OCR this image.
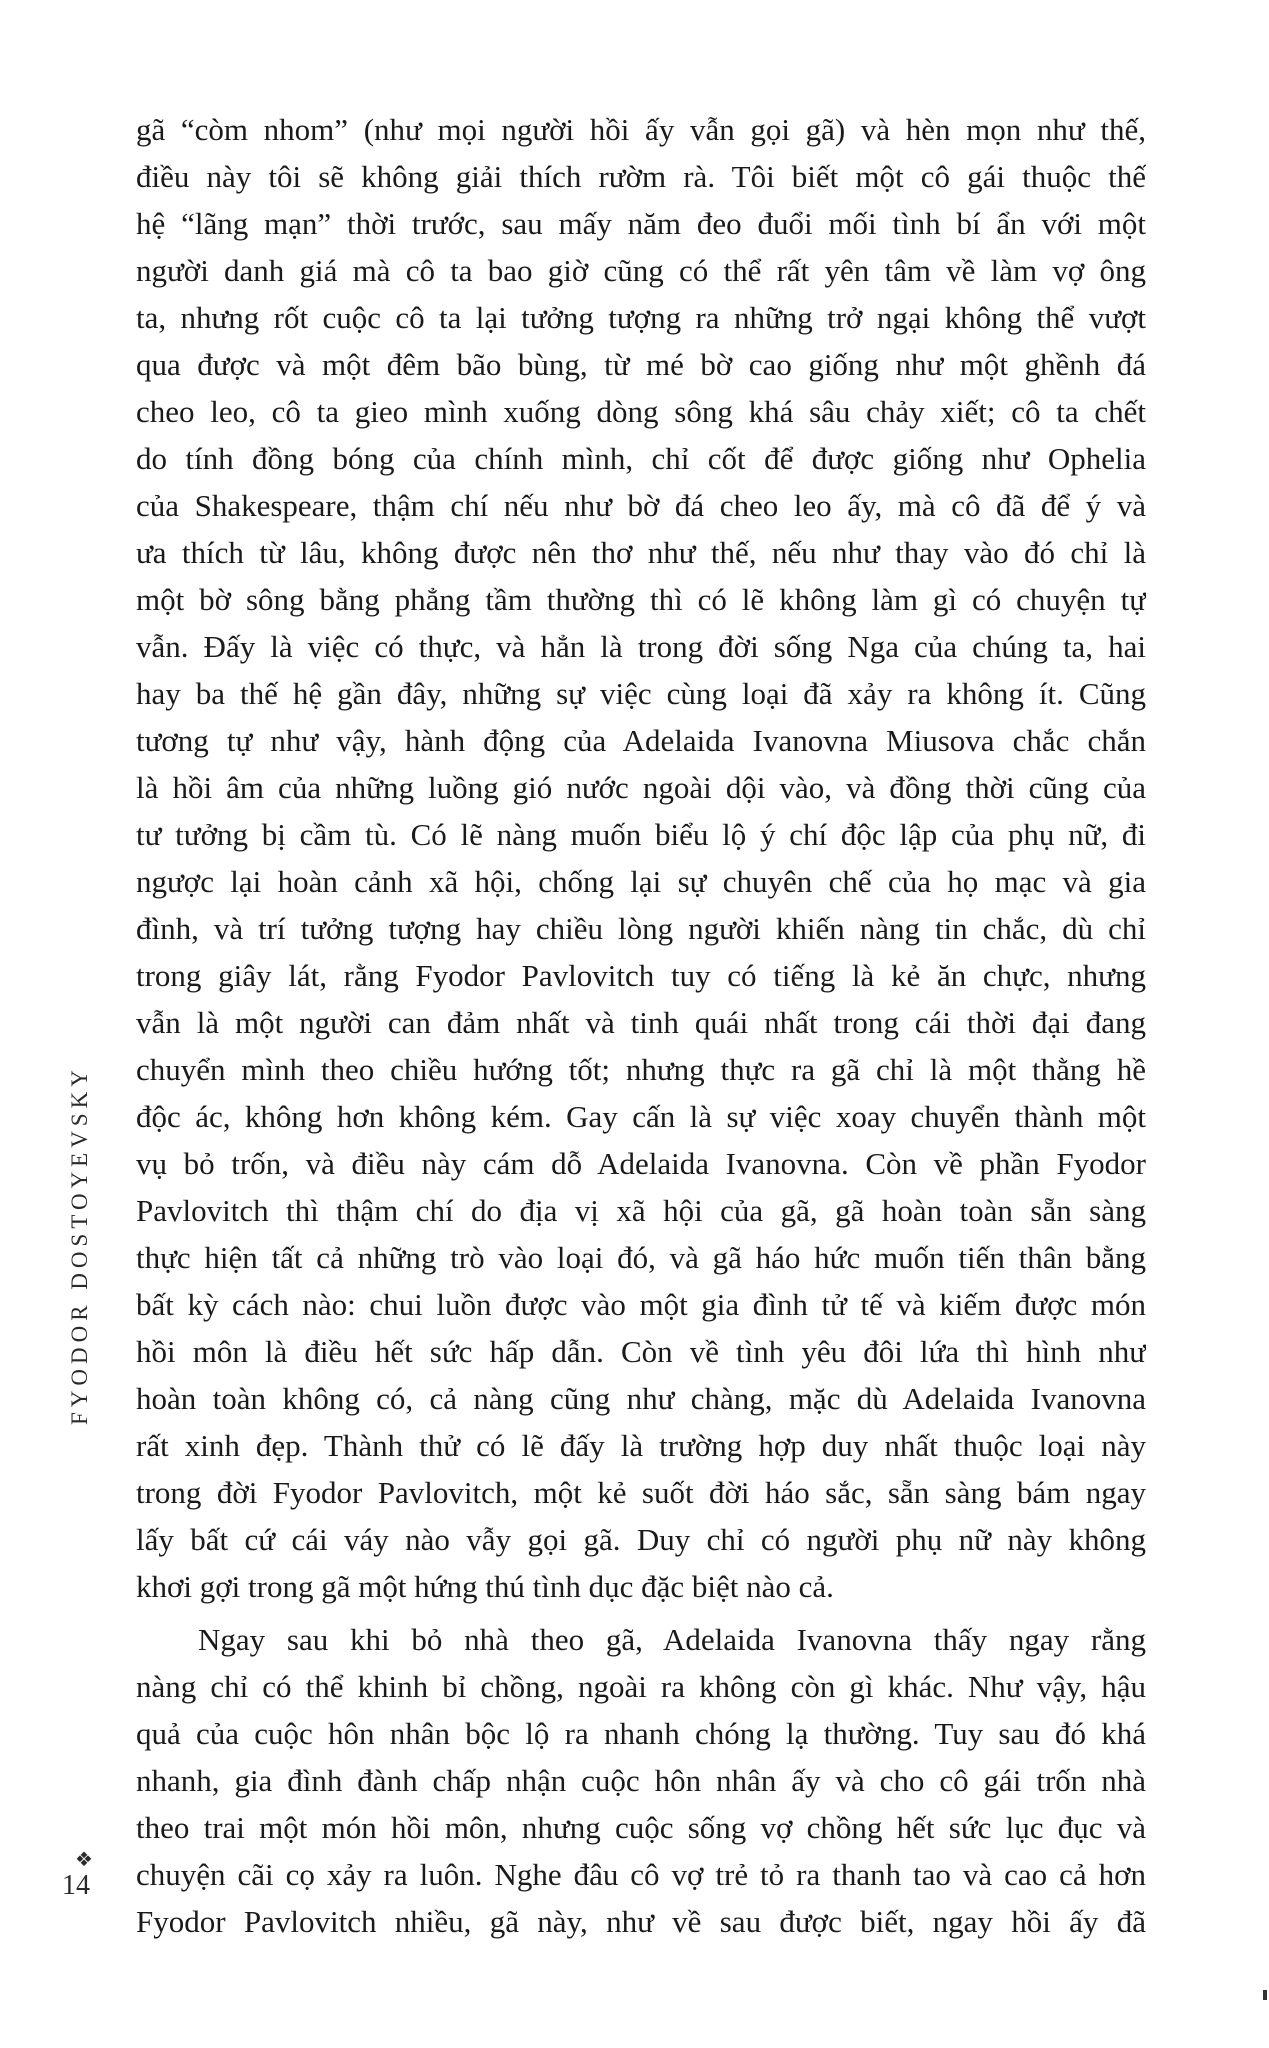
gã “còm nhom” (như mọi người hồi ấy vẫn gọi gã) và hèn mọn như thế,
điều này tôi sẽ không giải thích rườm rà. Tôi biết một cô gái thuộc thế
hệ “lãng mạn” thời trước, sau mấy năm đeo đuổi mối tình bí ẩn với một
người danh giá mà cô ta bao giờ cũng có thể rất yên tâm về làm vợ ông
ta, nhưng rốt cuộc cô ta lại tưởng tượng ra những trở ngại không thể vượt
qua được và một đêm bão bùng, từ mé bờ cao giống như một ghềnh đá
cheo leo, cô ta gieo mình xuống dòng sông khá sâu chảy xiết; cô ta chết
do tính đồng bóng của chính mình, chỉ cốt để được giống như Ophelia
của Shakespeare, thậm chí nếu như bờ đá cheo leo ấy, mà cô đã để ý và
ưa thích từ lâu, không được nên thơ như thế, nếu như thay vào đó chỉ là
một bờ sông bằng phẳng tầm thường thì có lẽ không làm gì có chuyện tự
vẫn. Đấy là việc có thực, và hẳn là trong đời sống Nga của chúng ta, hai
hay ba thế hệ gần đây, những sự việc cùng loại đã xảy ra không ít. Cũng
tương tự như vậy, hành động của Adelaida Ivanovna Miusova chắc chắn
là hồi âm của những luồng gió nước ngoài dội vào, và đồng thời cũng của
tư tưởng bị cầm tù. Có lẽ nàng muốn biểu lộ ý chí độc lập của phụ nữ, đi
ngược lại hoàn cảnh xã hội, chống lại sự chuyên chế của họ mạc và gia
đình, và trí tưởng tượng hay chiều lòng người khiến nàng tin chắc, dù chỉ
trong giây lát, rằng Fyodor Pavlovitch tuy có tiếng là kẻ ăn chực, nhưng
vẫn là một người can đảm nhất và tinh quái nhất trong cái thời đại đang
chuyển mình theo chiều hướng tốt; nhưng thực ra gã chỉ là một thằng hề
độc ác, không hơn không kém. Gay cấn là sự việc xoay chuyển thành một
vụ bỏ trốn, và điều này cám dỗ Adelaida Ivanovna. Còn về phần Fyodor
Pavlovitch thì thậm chí do địa vị xã hội của gã, gã hoàn toàn sẵn sàng
thực hiện tất cả những trò vào loại đó, và gã háo hức muốn tiến thân bằng
bất kỳ cách nào: chui luồn được vào một gia đình tử tế và kiếm được món
hồi môn là điều hết sức hấp dẫn. Còn về tình yêu đôi lứa thì hình như
hoàn toàn không có, cả nàng cũng như chàng, mặc dù Adelaida Ivanovna
rất xinh đẹp. Thành thử có lẽ đấy là trường hợp duy nhất thuộc loại này
trong đời Fyodor Pavlovitch, một kẻ suốt đời háo sắc, sẵn sàng bám ngay
lấy bất cứ cái váy nào vẫy gọi gã. Duy chỉ có người phụ nữ này không
khơi gợi trong gã một hứng thú tình dục đặc biệt nào cả.
Ngay sau khi bỏ nhà theo gã, Adelaida Ivanovna thấy ngay rằng
nàng chỉ có thể khinh bỉ chồng, ngoài ra không còn gì khác. Như vậy, hậu
quả của cuộc hôn nhân bộc lộ ra nhanh chóng lạ thường. Tuy sau đó khá
nhanh, gia đình đành chấp nhận cuộc hôn nhân ấy và cho cô gái trốn nhà
theo trai một món hồi môn, nhưng cuộc sống vợ chồng hết sức lục đục và
chuyện cãi cọ xảy ra luôn. Nghe đâu cô vợ trẻ tỏ ra thanh tao và cao cả hơn
Fyodor Pavlovitch nhiều, gã này, như về sau được biết, ngay hồi ấy đã
FYODOR DOSTOYEVSKY
❖
14
